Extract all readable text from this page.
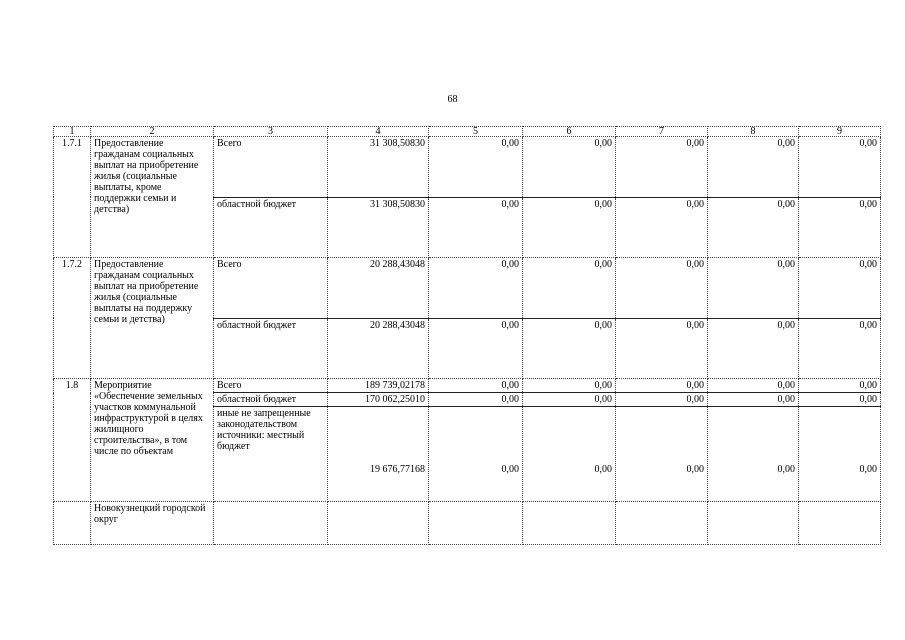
68
1	2	3	4	5	6	7	8	9
1.7.1	Предоставление гражданам социальных выплат на приобретение жилья (социальные выплаты, кроме поддержки семьи и детства)	Всего	31 308,50830	0,00	0,00	0,00	0,00	0,00
		областной бюджет	31 308,50830	0,00	0,00	0,00	0,00	0,00
1.7.2	Предоставление гражданам социальных выплат на приобретение жилья (социальные выплаты на поддержку семьи и детства)	Всего	20 288,43048	0,00	0,00	0,00	0,00	0,00
		областной бюджет	20 288,43048	0,00	0,00	0,00	0,00	0,00
1.8	Мероприятие «Обеспечение земельных участков коммунальной инфраструктурой в целях жилищного строительства», в том числе по объектам	Всего	189 739,02178	0,00	0,00	0,00	0,00	0,00
		областной бюджет	170 062,25010	0,00	0,00	0,00	0,00	0,00
		иные не запрещенные законодательством источники: местный бюджет	19 676,77168	0,00	0,00	0,00	0,00	0,00
	Новокузнецкий городской округ							
